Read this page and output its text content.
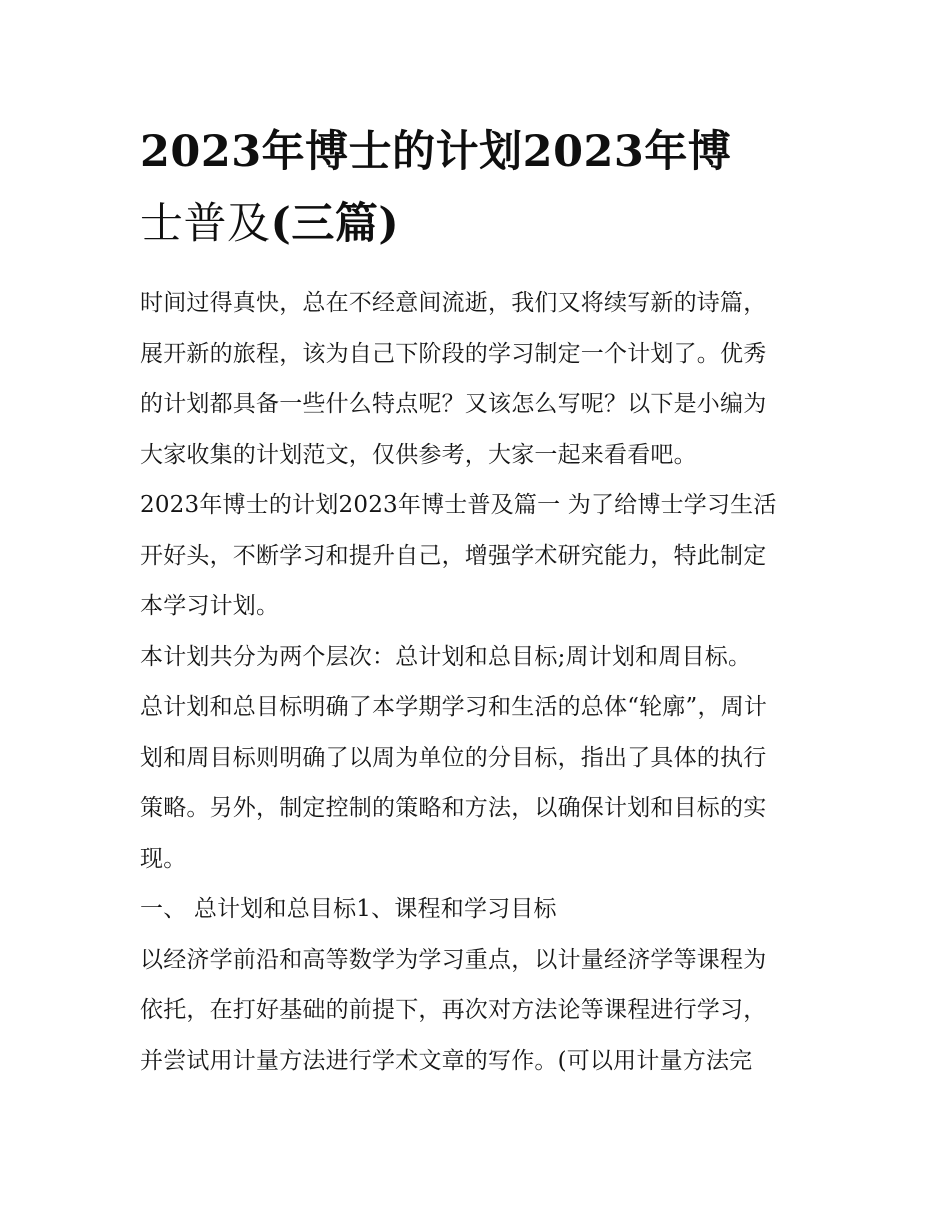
2023年博士的计划2023年博
士普及(三篇)
时间过得真快，总在不经意间流逝，我们又将续写新的诗篇，
展开新的旅程，该为自己下阶段的学习制定一个计划了。优秀
的计划都具备一些什么特点呢？又该怎么写呢？以下是小编为
大家收集的计划范文，仅供参考，大家一起来看看吧。
2023年博士的计划2023年博士普及篇一 为了给博士学习生活
开好头，不断学习和提升自己，增强学术研究能力，特此制定
本学习计划。
本计划共分为两个层次：总计划和总目标;周计划和周目标。
总计划和总目标明确了本学期学习和生活的总体“轮廓”，周计
划和周目标则明确了以周为单位的分目标，指出了具体的执行
策略。另外，制定控制的策略和方法，以确保计划和目标的实
现。
一、 总计划和总目标1、课程和学习目标
以经济学前沿和高等数学为学习重点，以计量经济学等课程为
依托，在打好基础的前提下，再次对方法论等课程进行学习，
并尝试用计量方法进行学术文章的写作。(可以用计量方法完
